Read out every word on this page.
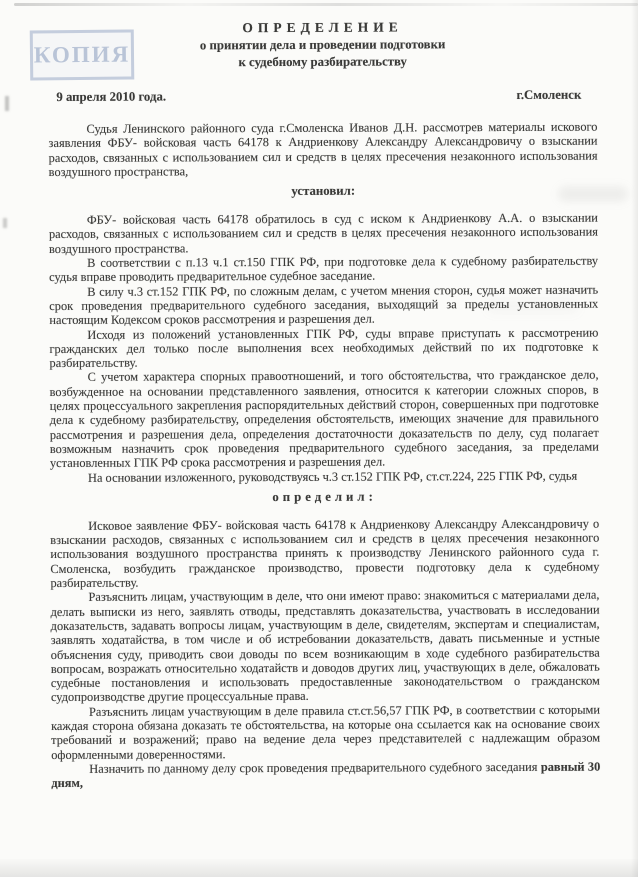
КОПИЯ
ОПРЕДЕЛЕНИЕ
о принятии дела и проведении подготовки
к судебному разбирательству
9 апреля 2010 года.	г.Смоленск

Судья Ленинского районного суда г.Смоленска Иванов Д.Н. рассмотрев материалы искового заявления ФБУ- войсковая часть 64178 к Андриенкову Александру Александровичу о взыскании расходов, связанных с использованием сил и средств в целях пресечения незаконного использования воздушного пространства,

установил:

ФБУ- войсковая часть 64178 обратилось в суд с иском к Андриенкову А.А. о взыскании расходов, связанных с использованием сил и средств в целях пресечения незаконного использования воздушного пространства.

В соответствии с п.13 ч.1 ст.150 ГПК РФ, при подготовке дела к судебному разбирательству судья вправе проводить предварительное судебное заседание.

В силу ч.3 ст.152 ГПК РФ, по сложным делам, с учетом мнения сторон, судья может назначить срок проведения предварительного судебного заседания, выходящий за пределы установленных настоящим Кодексом сроков рассмотрения и разрешения дел.

Исходя из положений установленных ГПК РФ, суды вправе приступать к рассмотрению гражданских дел только после выполнения всех необходимых действий по их подготовке к разбирательству.

С учетом характера спорных правоотношений, и того обстоятельства, что гражданское дело, возбужденное на основании представленного заявления, относится к категории сложных споров, в целях процессуального закрепления распорядительных действий сторон, совершенных при подготовке дела к судебному разбирательству, определения обстоятельств, имеющих значение для правильного рассмотрения и разрешения дела, определения достаточности доказательств по делу, суд полагает возможным назначить срок проведения предварительного судебного заседания, за пределами установленных ГПК РФ срока рассмотрения и разрешения дел.

На основании изложенного, руководствуясь ч.3 ст.152 ГПК РФ, ст.ст.224, 225 ГПК РФ, судья

определил:

Исковое заявление ФБУ- войсковая часть 64178 к Андриенкову Александру Александровичу о взыскании расходов, связанных с использованием сил и средств в целях пресечения незаконного использования воздушного пространства принять к производству Ленинского районного суда г. Смоленска, возбудить гражданское производство, провести подготовку дела к судебному разбирательству.

Разъяснить лицам, участвующим в деле, что они имеют право: знакомиться с материалами дела, делать выписки из него, заявлять отводы, представлять доказательства, участвовать в исследовании доказательств, задавать вопросы лицам, участвующим в деле, свидетелям, экспертам и специалистам, заявлять ходатайства, в том числе и об истребовании доказательств, давать письменные и устные объяснения суду, приводить свои доводы по всем возникающим в ходе судебного разбирательства вопросам, возражать относительно ходатайств и доводов других лиц, участвующих в деле, обжаловать судебные постановления и использовать предоставленные законодательством о гражданском судопроизводстве другие процессуальные права.

Разъяснить лицам участвующим в деле правила ст.ст.56,57 ГПК РФ, в соответствии с которыми каждая сторона обязана доказать те обстоятельства, на которые она ссылается как на основание своих требований и возражений; право на ведение дела через представителей с надлежащим образом оформленными доверенностями.

Назначить по данному делу срок проведения предварительного судебного заседания равный 30 дням,
